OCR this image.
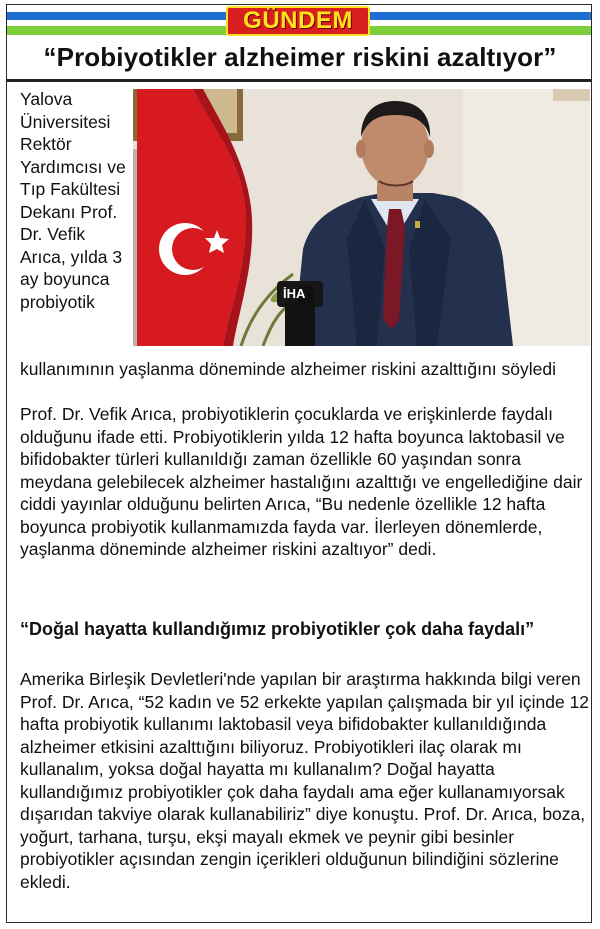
GÜNDEM
“Probiyotikler alzheimer riskini azaltıyor”
İHA
Yalova Üniversitesi Rektör Yardımcısı ve Tıp Fakültesi Dekanı Prof. Dr. Vefik Arıca, yılda 3 ay boyunca probiyotik
kullanımının yaşlanma döneminde alzheimer riskini azalttığını söyledi
Prof. Dr. Vefik Arıca, probiyotiklerin çocuklarda ve erişkinlerde faydalı olduğunu ifade etti. Probiyotiklerin yılda 12 hafta boyunca laktobasil ve bifidobakter türleri kullanıldığı zaman özellikle 60 yaşından sonra meydana gelebilecek alzheimer hastalığını azalttığı ve engellediğine dair ciddi yayınlar olduğunu belirten Arıca, “Bu nedenle özellikle 12 hafta boyunca probiyotik kullanmamızda fayda var. İlerleyen dönemlerde, yaşlanma döneminde alzheimer riskini azaltıyor” dedi.
“Doğal hayatta kullandığımız probiyotikler çok daha faydalı”
Amerika Birleşik Devletleri'nde yapılan bir araştırma hakkında bilgi veren Prof. Dr. Arıca, “52 kadın ve 52 erkekte yapılan çalışmada bir yıl içinde 12 hafta probiyotik kullanımı laktobasil veya bifidobakter kullanıldığında alzheimer etkisini azalttığını biliyoruz. Probiyotikleri ilaç olarak mı kullanalım, yoksa doğal hayatta mı kullanalım? Doğal hayatta kullandığımız probiyotikler çok daha faydalı ama eğer kullanamıyorsak dışarıdan takviye olarak kullanabiliriz” diye konuştu. Prof. Dr. Arıca, boza, yoğurt, tarhana, turşu, ekşi mayalı ekmek ve peynir gibi besinler probiyotikler açısından zengin içerikleri olduğunun bilindiğini sözlerine ekledi.
